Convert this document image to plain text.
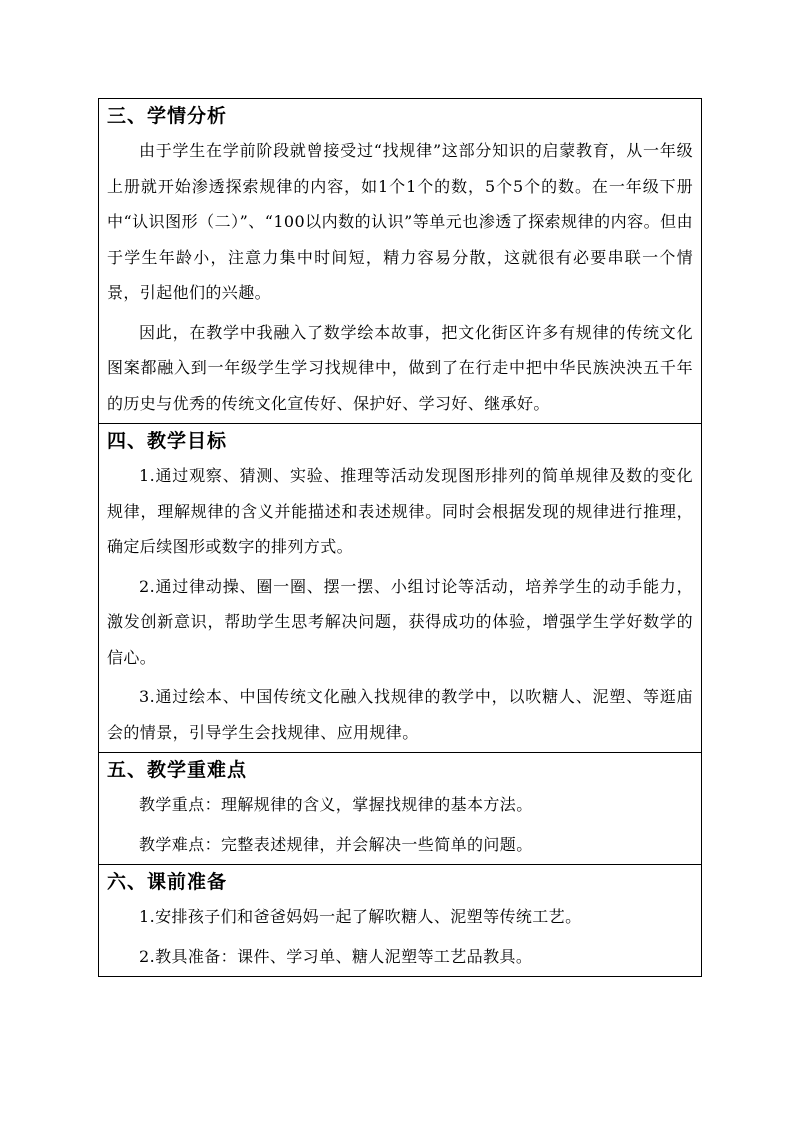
三、学情分析

由于学生在学前阶段就曾接受过“找规律”这部分知识的启蒙教育，从一年级上册就开始渗透探索规律的内容，如1个1个的数，5个5个的数。在一年级下册中“认识图形（二）”、“100以内数的认识”等单元也渗透了探索规律的内容。但由于学生年龄小，注意力集中时间短，精力容易分散，这就很有必要串联一个情景，引起他们的兴趣。

因此，在教学中我融入了数学绘本故事，把文化街区许多有规律的传统文化图案都融入到一年级学生学习找规律中，做到了在行走中把中华民族泱泱五千年的历史与优秀的传统文化宣传好、保护好、学习好、继承好。

四、教学目标

1.通过观察、猜测、实验、推理等活动发现图形排列的简单规律及数的变化规律，理解规律的含义并能描述和表述规律。同时会根据发现的规律进行推理，确定后续图形或数字的排列方式。

2.通过律动操、圈一圈、摆一摆、小组讨论等活动，培养学生的动手能力，激发创新意识，帮助学生思考解决问题，获得成功的体验，增强学生学好数学的信心。

3.通过绘本、中国传统文化融入找规律的教学中，以吹糖人、泥塑、等逛庙会的情景，引导学生会找规律、应用规律。

五、教学重难点

教学重点：理解规律的含义，掌握找规律的基本方法。

教学难点：完整表述规律，并会解决一些简单的问题。

六、课前准备

1.安排孩子们和爸爸妈妈一起了解吹糖人、泥塑等传统工艺。

2.教具准备：课件、学习单、糖人泥塑等工艺品教具。
